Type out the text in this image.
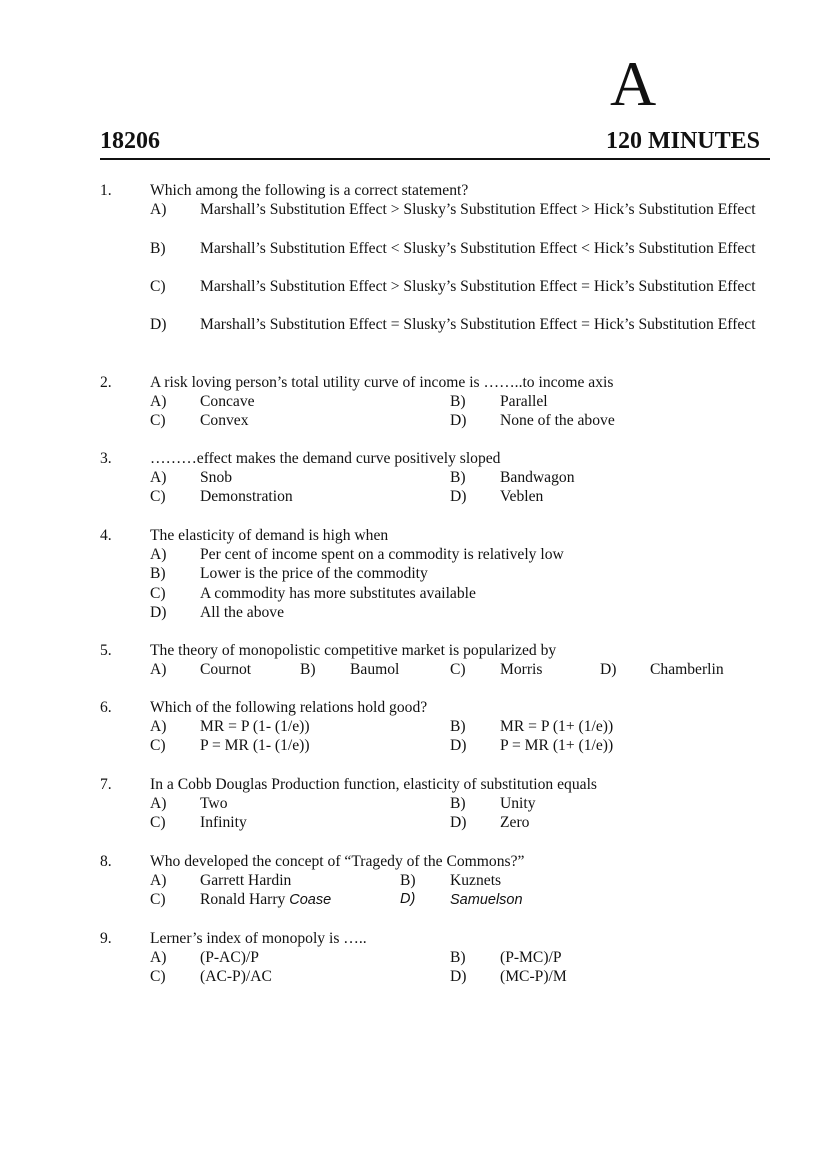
A
18206	120 MINUTES
1. Which among the following is a correct statement?
A) Marshall’s Substitution Effect > Slusky’s Substitution Effect > Hick’s Substitution Effect
B) Marshall’s Substitution Effect < Slusky’s Substitution Effect < Hick’s Substitution Effect
C) Marshall’s Substitution Effect > Slusky’s Substitution Effect = Hick’s Substitution Effect
D) Marshall’s Substitution Effect = Slusky’s Substitution Effect = Hick’s Substitution Effect
2. A risk loving person’s total utility curve of income is ……..to income axis
A) Concave	B) Parallel
C) Convex	D) None of the above
3. ………effect makes the demand curve positively sloped
A) Snob	B) Bandwagon
C) Demonstration	D) Veblen
4. The elasticity of demand is high when
A) Per cent of income spent on a commodity is relatively low
B) Lower is the price of the commodity
C) A commodity has more substitutes available
D) All the above
5. The theory of monopolistic competitive market is popularized by
A) Cournot	B) Baumol	C) Morris	D) Chamberlin
6. Which of the following relations hold good?
A) MR = P (1- (1/e))	B) MR = P (1+ (1/e))
C) P = MR (1- (1/e))	D) P = MR (1+ (1/e))
7. In a Cobb Douglas Production function, elasticity of substitution equals
A) Two	B) Unity
C) Infinity	D) Zero
8. Who developed the concept of “Tragedy of the Commons?”
A) Garrett Hardin	B) Kuznets
C) Ronald Harry Coase	D) Samuelson
9. Lerner’s index of monopoly is …..
A) (P-AC)/P	B) (P-MC)/P
C) (AC-P)/AC	D) (MC-P)/M
